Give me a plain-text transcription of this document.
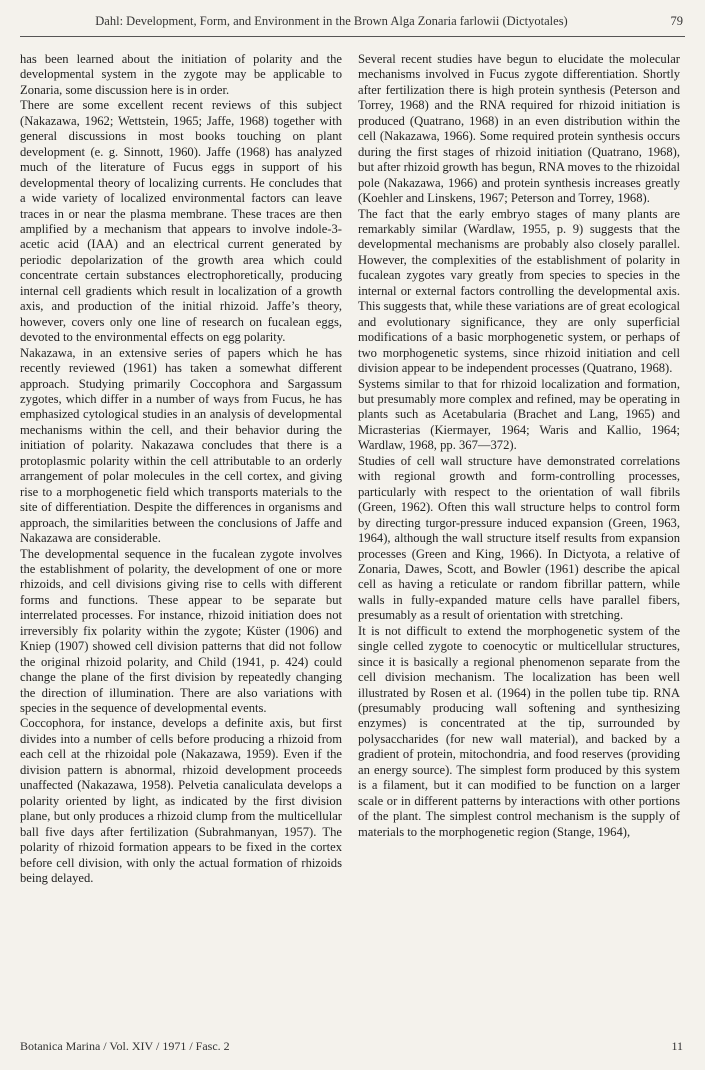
Dahl: Development, Form, and Environment in the Brown Alga Zonaria farlowii (Dictyotales)	79

has been learned about the initiation of polarity and the developmental system in the zygote may be applicable to Zonaria, some discussion here is in order.

There are some excellent recent reviews of this subject (Nakazawa, 1962; Wettstein, 1965; Jaffe, 1968) together with general discussions in most books touching on plant development (e. g. Sinnott, 1960). Jaffe (1968) has analyzed much of the literature of Fucus eggs in support of his developmental theory of localizing currents. He concludes that a wide variety of localized environmental factors can leave traces in or near the plasma membrane. These traces are then amplified by a mechanism that appears to involve indole-3-acetic acid (IAA) and an electrical current generated by periodic depolarization of the growth area which could concentrate certain substances electrophoretically, producing internal cell gradients which result in localization of a growth axis, and production of the initial rhizoid. Jaffe’s theory, however, covers only one line of research on fucalean eggs, devoted to the environmental effects on egg polarity.

Nakazawa, in an extensive series of papers which he has recently reviewed (1961) has taken a somewhat different approach. Studying primarily Coccophora and Sargassum zygotes, which differ in a number of ways from Fucus, he has emphasized cytological studies in an analysis of developmental mechanisms within the cell, and their behavior during the initiation of polarity. Nakazawa concludes that there is a protoplasmic polarity within the cell attributable to an orderly arrangement of polar molecules in the cell cortex, and giving rise to a morphogenetic field which transports materials to the site of differentiation. Despite the differences in organisms and approach, the similarities between the conclusions of Jaffe and Nakazawa are considerable.

The developmental sequence in the fucalean zygote involves the establishment of polarity, the development of one or more rhizoids, and cell divisions giving rise to cells with different forms and functions. These appear to be separate but interrelated processes. For instance, rhizoid initiation does not irreversibly fix polarity within the zygote; Küster (1906) and Kniep (1907) showed cell division patterns that did not follow the original rhizoid polarity, and Child (1941, p. 424) could change the plane of the first division by repeatedly changing the direction of illumination. There are also variations with species in the sequence of developmental events.

Coccophora, for instance, develops a definite axis, but first divides into a number of cells before producing a rhizoid from each cell at the rhizoidal pole (Nakazawa, 1959). Even if the division pattern is abnormal, rhizoid development proceeds unaffected (Nakazawa, 1958). Pelvetia canaliculata develops a polarity oriented by light, as indicated by the first division plane, but only produces a rhizoid clump from the multicellular ball five days after fertilization (Subrahmanyan, 1957). The polarity of rhizoid formation appears to be fixed in the cortex before cell division, with only the actual formation of rhizoids being delayed.

Several recent studies have begun to elucidate the molecular mechanisms involved in Fucus zygote differentiation. Shortly after fertilization there is high protein synthesis (Peterson and Torrey, 1968) and the RNA required for rhizoid initiation is produced (Quatrano, 1968) in an even distribution within the cell (Nakazawa, 1966). Some required protein synthesis occurs during the first stages of rhizoid initiation (Quatrano, 1968), but after rhizoid growth has begun, RNA moves to the rhizoidal pole (Nakazawa, 1966) and protein synthesis increases greatly (Koehler and Linskens, 1967; Peterson and Torrey, 1968).

The fact that the early embryo stages of many plants are remarkably similar (Wardlaw, 1955, p. 9) suggests that the developmental mechanisms are probably also closely parallel. However, the complexities of the establishment of polarity in fucalean zygotes vary greatly from species to species in the internal or external factors controlling the developmental axis. This suggests that, while these variations are of great ecological and evolutionary significance, they are only superficial modifications of a basic morphogenetic system, or perhaps of two morphogenetic systems, since rhizoid initiation and cell division appear to be independent processes (Quatrano, 1968).

Systems similar to that for rhizoid localization and formation, but presumably more complex and refined, may be operating in plants such as Acetabularia (Brachet and Lang, 1965) and Micrasterias (Kiermayer, 1964; Waris and Kallio, 1964; Wardlaw, 1968, pp. 367—372).

Studies of cell wall structure have demonstrated correlations with regional growth and form-controlling processes, particularly with respect to the orientation of wall fibrils (Green, 1962). Often this wall structure helps to control form by directing turgor-pressure induced expansion (Green, 1963, 1964), although the wall structure itself results from expansion processes (Green and King, 1966). In Dictyota, a relative of Zonaria, Dawes, Scott, and Bowler (1961) describe the apical cell as having a reticulate or random fibrillar pattern, while walls in fully-expanded mature cells have parallel fibers, presumably as a result of orientation with stretching.

It is not difficult to extend the morphogenetic system of the single celled zygote to coenocytic or multicellular structures, since it is basically a regional phenomenon separate from the cell division mechanism. The localization has been well illustrated by Rosen et al. (1964) in the pollen tube tip. RNA (presumably producing wall softening and synthesizing enzymes) is concentrated at the tip, surrounded by polysaccharides (for new wall material), and backed by a gradient of protein, mitochondria, and food reserves (providing an energy source). The simplest form produced by this system is a filament, but it can modified to be function on a larger scale or in different patterns by interactions with other portions of the plant. The simplest control mechanism is the supply of materials to the morphogenetic region (Stange, 1964),

Botanica Marina / Vol. XIV / 1971 / Fasc. 2	11
